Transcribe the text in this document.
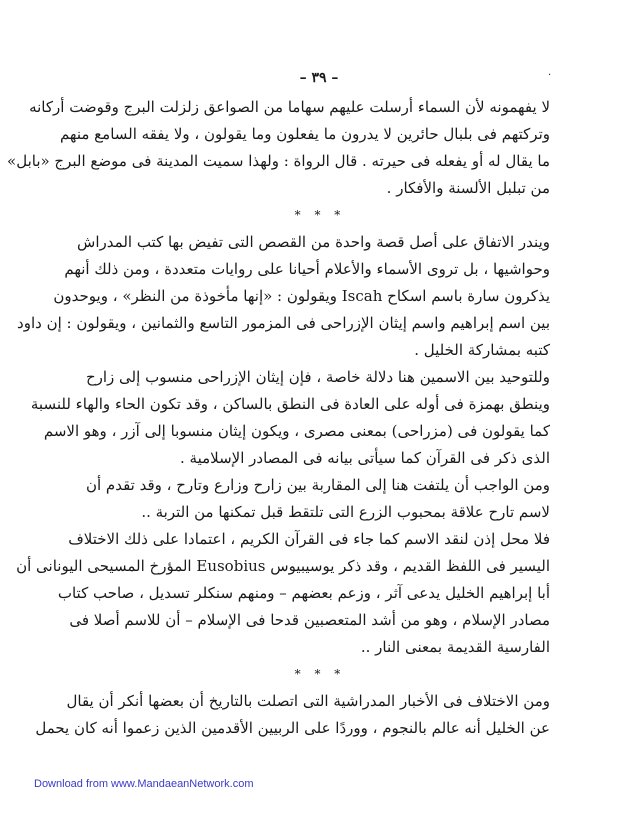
– ٣٩ –	·
لا يفهمونه لأن السماء أرسلت عليهم سهاما من الصواعق زلزلت البرج وقوضت أركانه
وتركتهم فى بلبال حائرين لا يدرون ما يفعلون وما يقولون ، ولا يفقه السامع منهم
ما يقال له أو يفعله فى حيرته . قال الرواة : ولهذا سميت المدينة فى موضع البرج «بابل»
من تبلبل الألسنة والأفكار .
* * *
ويندر الاتفاق على أصل قصة واحدة من القصص التى تفيض بها كتب المدراش
وحواشيها ، بل تروى الأسماء والأعلام أحيانا على روايات متعددة ، ومن ذلك أنهم
يذكرون سارة باسم اسكاح Iscah ويقولون : «إنها مأخوذة من النظر» ، ويوحدون
بين اسم إبراهيم واسم إيثان الإزراحى فى المزمور التاسع والثمانين ، ويقولون : إن داود
كتبه بمشاركة الخليل .
وللتوحيد بين الاسمين هنا دلالة خاصة ، فإن إيثان الإزراحى منسوب إلى زارح
وينطق بهمزة فى أوله على العادة فى النطق بالساكن ، وقد تكون الحاء والهاء للنسبة
كما يقولون فى (مزراحى) بمعنى مصرى ، ويكون إيثان منسوبا إلى آزر ، وهو الاسم
الذى ذكر فى القرآن كما سيأتى بيانه فى المصادر الإسلامية .
ومن الواجب أن يلتفت هنا إلى المقاربة بين زارح وزارع وتارح ، وقد تقدم أن
لاسم تارح علاقة بمحبوب الزرع التى تلتقط قبل تمكنها من التربة ..
فلا محل إذن لنقد الاسم كما جاء فى القرآن الكريم ، اعتمادا على ذلك الاختلاف
اليسير فى اللفظ القديم ، وقد ذكر يوسيبيوس Eusobius المؤرخ المسيحى اليونانى أن
أبا إبراهيم الخليل يدعى آثر ، وزعم بعضهم – ومنهم سنكلر تسديل ، صاحب كتاب
مصادر الإسلام ، وهو من أشد المتعصبين قدحا فى الإسلام – أن للاسم أصلا فى
الفارسية القديمة بمعنى النار ..
* * *
ومن الاختلاف فى الأخبار المدراشية التى اتصلت بالتاريخ أن بعضها أنكر أن يقال
عن الخليل أنه عالم بالنجوم ، ووردًا على الربيين الأقدمين الذين زعموا أنه كان يحمل
Download from www.MandaeanNetwork.com
